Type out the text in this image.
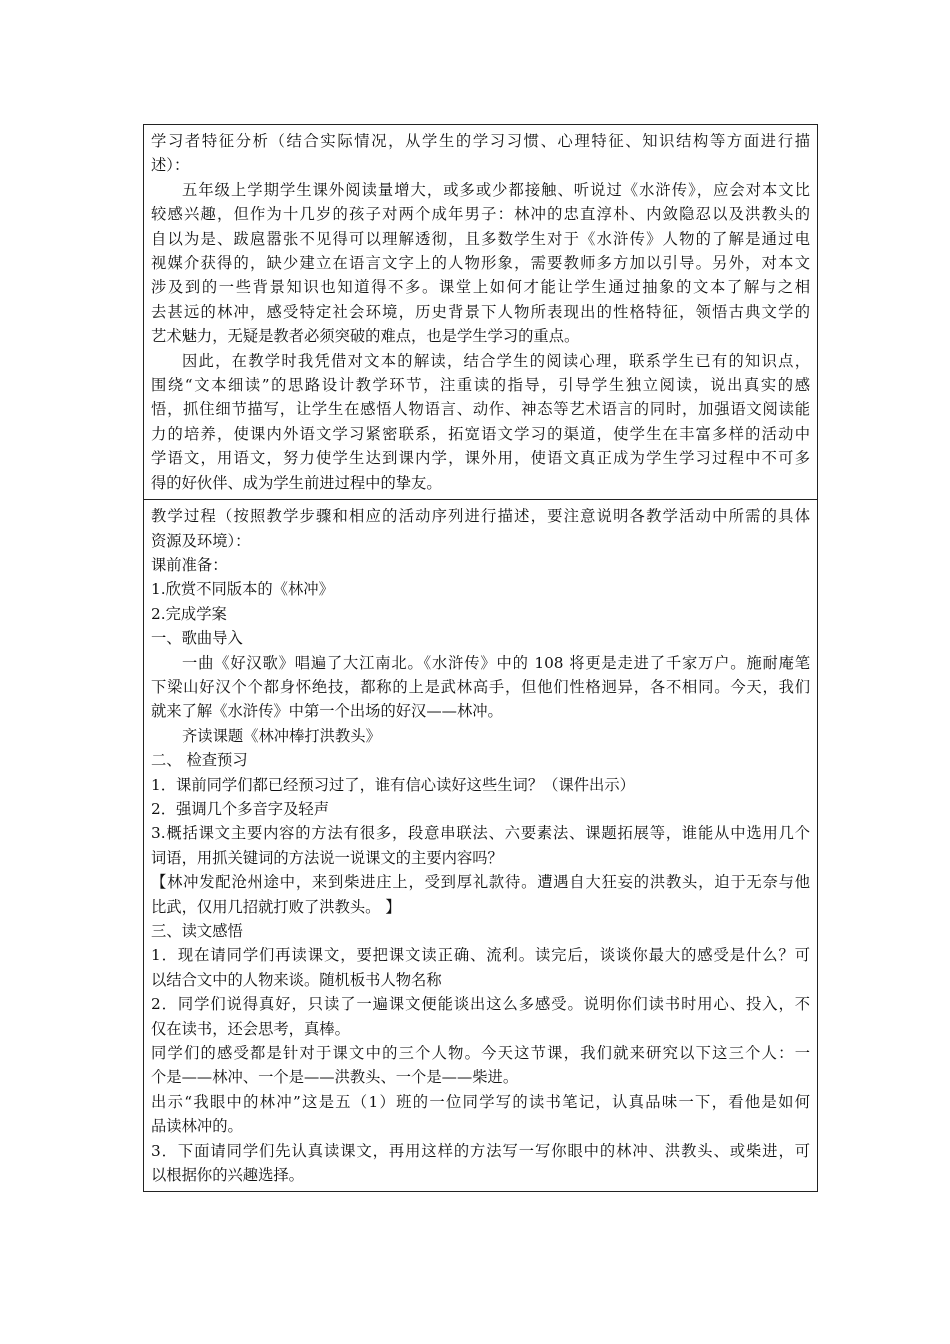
学习者特征分析（结合实际情况，从学生的学习习惯、心理特征、知识结构等方面进行描

述）：

五年级上学期学生课外阅读量增大，或多或少都接触、听说过《水浒传》，应会对本文比

较感兴趣，但作为十几岁的孩子对两个成年男子：林冲的忠直淳朴、内敛隐忍以及洪教头的

自以为是、跋扈嚣张不见得可以理解透彻，且多数学生对于《水浒传》人物的了解是通过电

视媒介获得的，缺少建立在语言文字上的人物形象，需要教师多方加以引导。另外，对本文

涉及到的一些背景知识也知道得不多。课堂上如何才能让学生通过抽象的文本了解与之相

去甚远的林冲，感受特定社会环境，历史背景下人物所表现出的性格特征，领悟古典文学的

艺术魅力，无疑是教者必须突破的难点，也是学生学习的重点。

因此，在教学时我凭借对文本的解读，结合学生的阅读心理，联系学生已有的知识点，

围绕“文本细读”的思路设计教学环节，注重读的指导，引导学生独立阅读，说出真实的感

悟，抓住细节描写，让学生在感悟人物语言、动作、神态等艺术语言的同时，加强语文阅读能

力的培养，使课内外语文学习紧密联系，拓宽语文学习的渠道，使学生在丰富多样的活动中

学语文，用语文，努力使学生达到课内学，课外用，使语文真正成为学生学习过程中不可多

得的好伙伴、成为学生前进过程中的挚友。

教学过程（按照教学步骤和相应的活动序列进行描述，要注意说明各教学活动中所需的具体

资源及环境）：

课前准备：

1.欣赏不同版本的《林冲》

2.完成学案

一、歌曲导入

一曲《好汉歌》唱遍了大江南北。《水浒传》中的 108 将更是走进了千家万户。施耐庵笔

下梁山好汉个个都身怀绝技，都称的上是武林高手，但他们性格迥异，各不相同。今天，我们

就来了解《水浒传》中第一个出场的好汉——林冲。

齐读课题《林冲棒打洪教头》

二、 检查预习

1．课前同学们都已经预习过了，谁有信心读好这些生词？（课件出示）

2．强调几个多音字及轻声

3.概括课文主要内容的方法有很多，段意串联法、六要素法、课题拓展等，谁能从中选用几个

词语，用抓关键词的方法说一说课文的主要内容吗？

【林冲发配沧州途中，来到柴进庄上，受到厚礼款待。遭遇自大狂妄的洪教头，迫于无奈与他

比武，仅用几招就打败了洪教头。 】

三、读文感悟

1．现在请同学们再读课文，要把课文读正确、流利。读完后，谈谈你最大的感受是什么？可

以结合文中的人物来谈。随机板书人物名称

2．同学们说得真好，只读了一遍课文便能谈出这么多感受。说明你们读书时用心、投入，不

仅在读书，还会思考，真棒。

同学们的感受都是针对于课文中的三个人物。今天这节课，我们就来研究以下这三个人：一

个是——林冲、一个是——洪教头、一个是——柴进。

出示“我眼中的林冲”这是五（1）班的一位同学写的读书笔记，认真品味一下，看他是如何

品读林冲的。

3．下面请同学们先认真读课文，再用这样的方法写一写你眼中的林冲、洪教头、或柴进，可

以根据你的兴趣选择。
